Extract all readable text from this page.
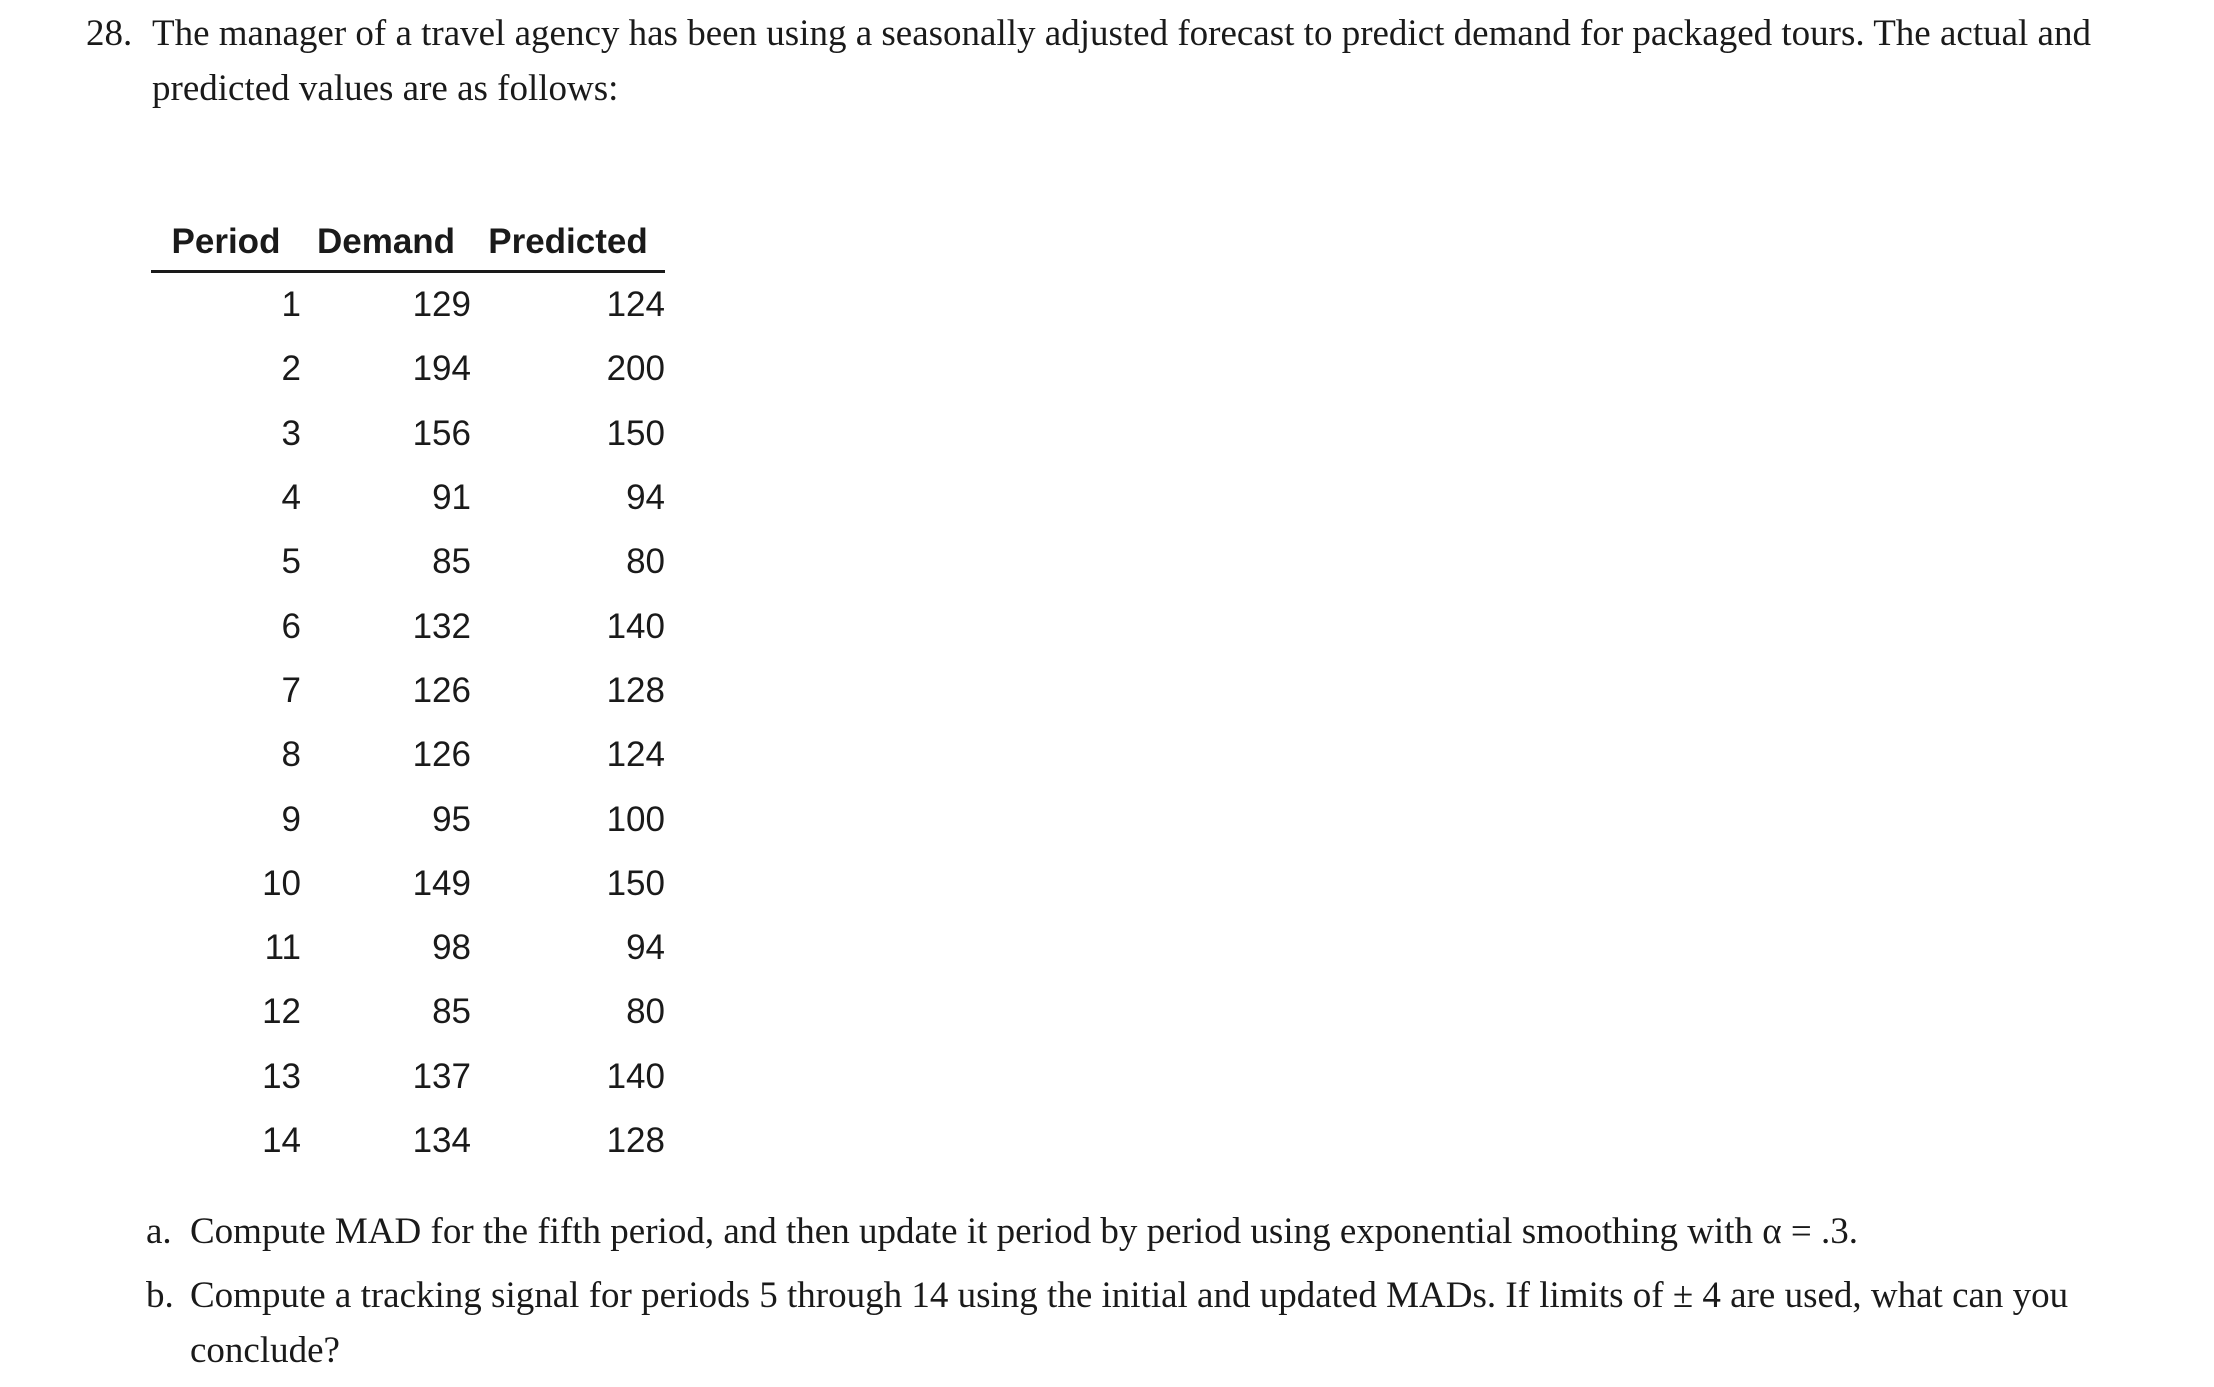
28. The manager of a travel agency has been using a seasonally adjusted forecast to predict demand for packaged tours. The actual and predicted values are as follows:
Period	Demand	Predicted
1	129	124
2	194	200
3	156	150
4	91	94
5	85	80
6	132	140
7	126	128
8	126	124
9	95	100
10	149	150
11	98	94
12	85	80
13	137	140
14	134	128
a. Compute MAD for the fifth period, and then update it period by period using exponential smoothing with α = .3.
b. Compute a tracking signal for periods 5 through 14 using the initial and updated MADs. If limits of ± 4 are used, what can you conclude?
